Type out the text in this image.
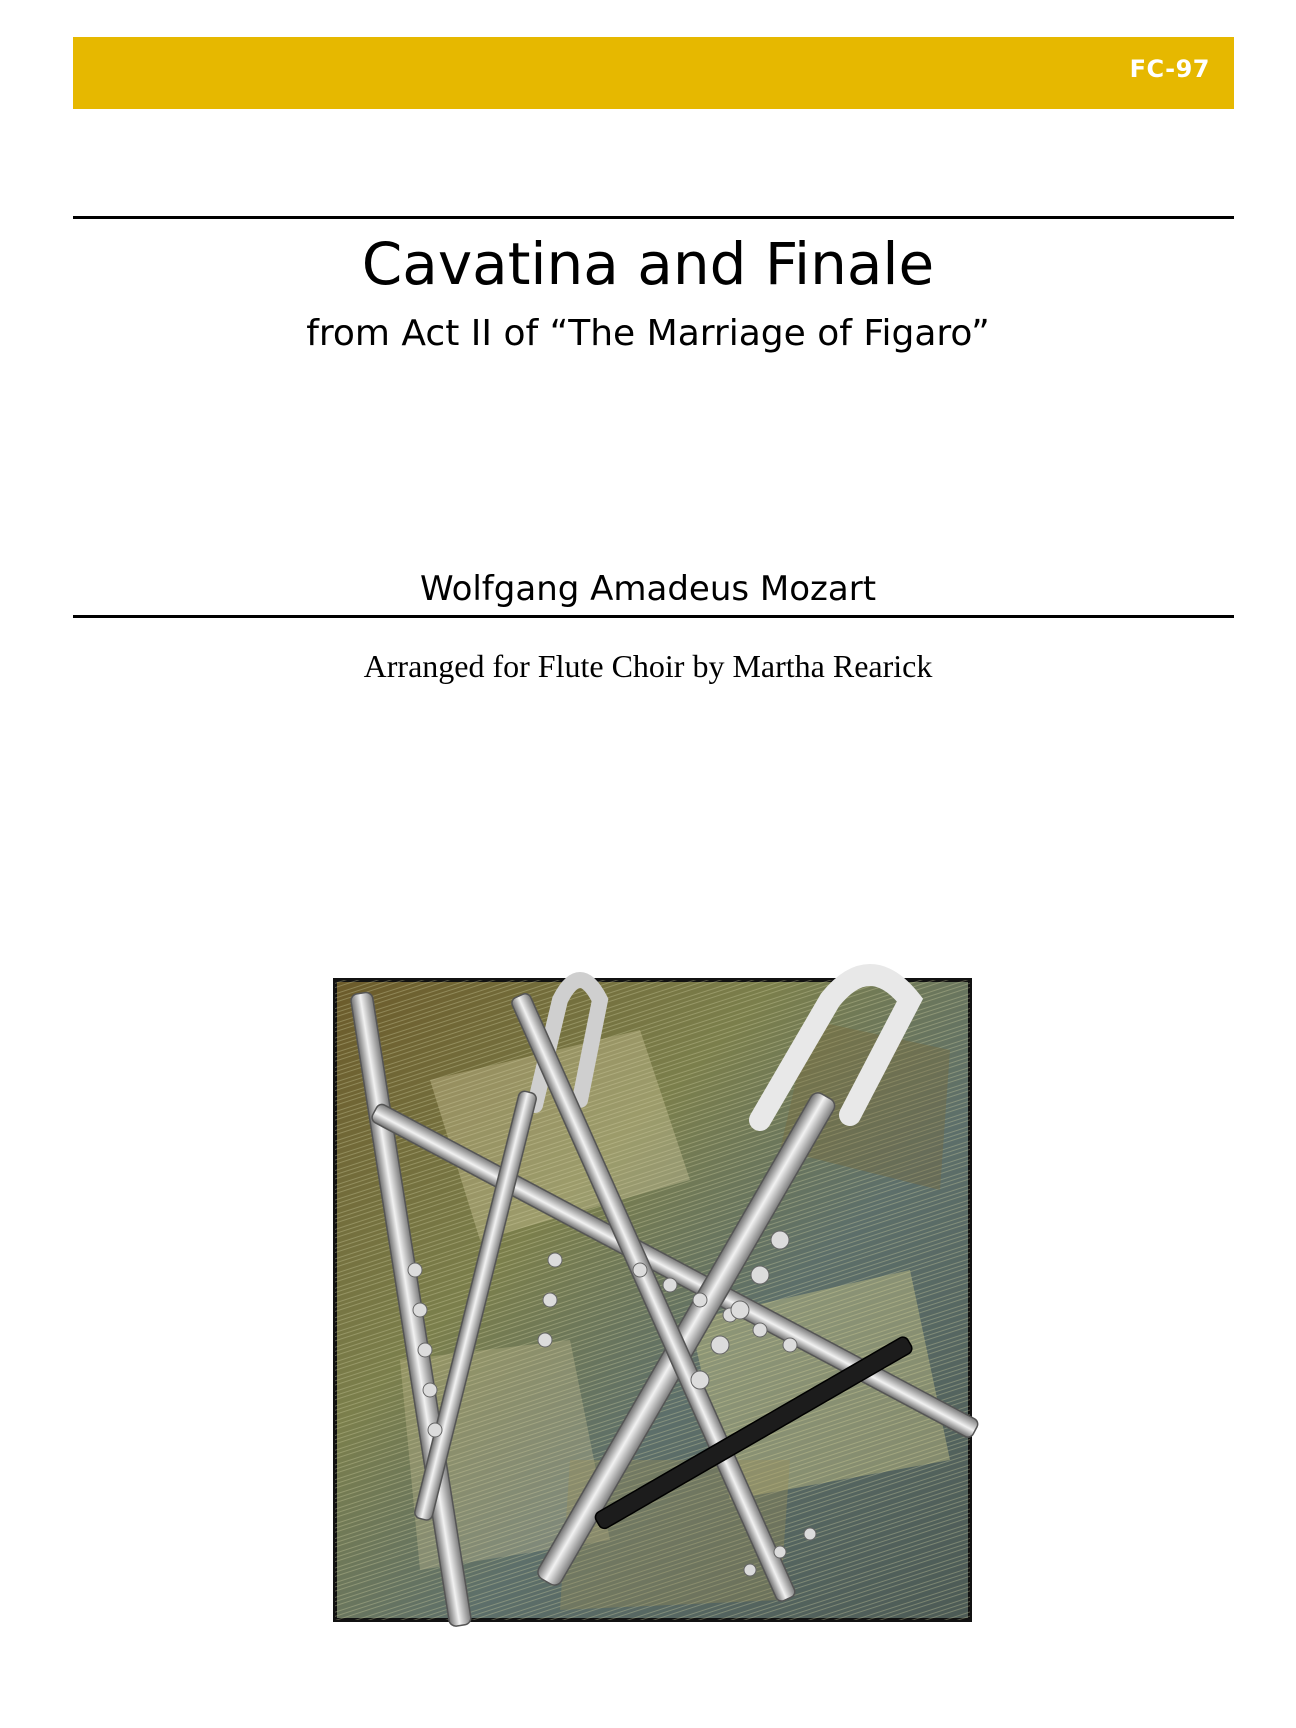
FC-97
Cavatina and Finale
from Act II of “The Marriage of Figaro”
Wolfgang Amadeus Mozart
Arranged for Flute Choir by Martha Rearick
